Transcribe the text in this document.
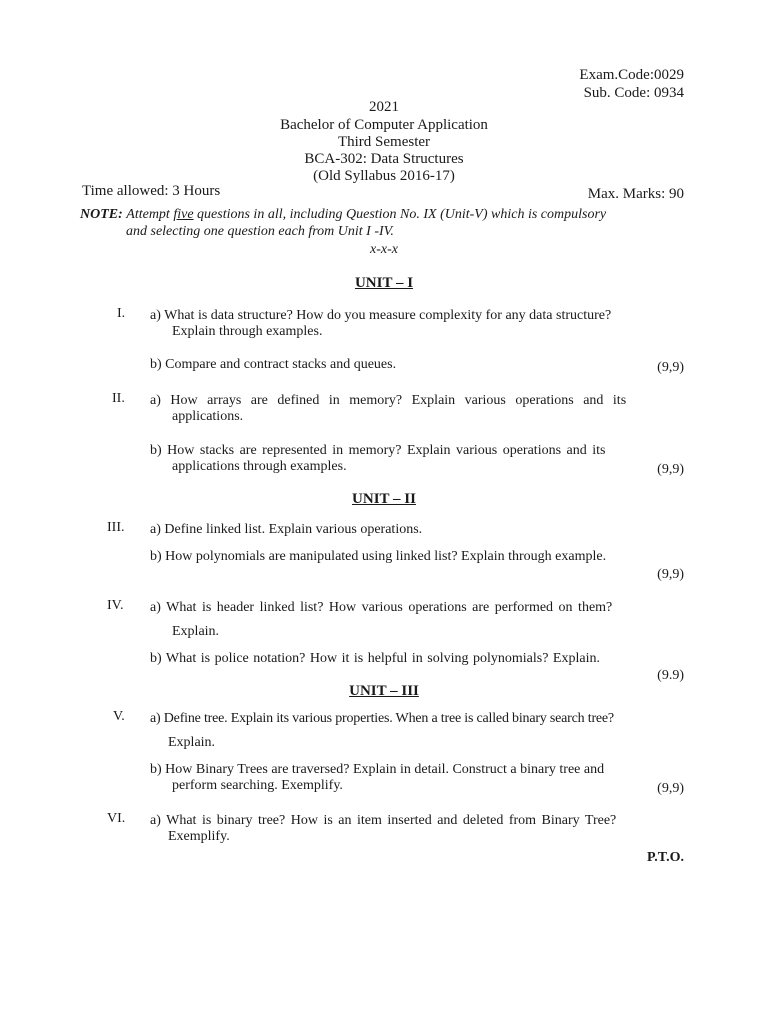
Exam.Code:0029
Sub. Code: 0934
2021
Bachelor of Computer Application
Third Semester
BCA-302: Data Structures
(Old Syllabus 2016-17)
Time allowed: 3 Hours	Max. Marks: 90
NOTE: Attempt five questions in all, including Question No. IX (Unit-V) which is compulsory
and selecting one question each from Unit I -IV.
x-x-x
UNIT – I
I. a) What is data structure? How do you measure complexity for any data structure?
Explain through examples.
b) Compare and contract stacks and queues.	(9,9)
II. a) How arrays are defined in memory? Explain various operations and its
applications.
b) How stacks are represented in memory? Explain various operations and its
applications through examples.	(9,9)
UNIT – II
III. a) Define linked list. Explain various operations.
b) How polynomials are manipulated using linked list? Explain through example.
(9,9)
IV. a) What is header linked list? How various operations are performed on them?
Explain.
b) What is police notation? How it is helpful in solving polynomials? Explain.
(9.9)
UNIT – III
V. a) Define tree. Explain its various properties. When a tree is called binary search tree?
Explain.
b) How Binary Trees are traversed? Explain in detail. Construct a binary tree and
perform searching. Exemplify.	(9,9)
VI. a) What is binary tree? How is an item inserted and deleted from Binary Tree?
Exemplify.
P.T.O.
